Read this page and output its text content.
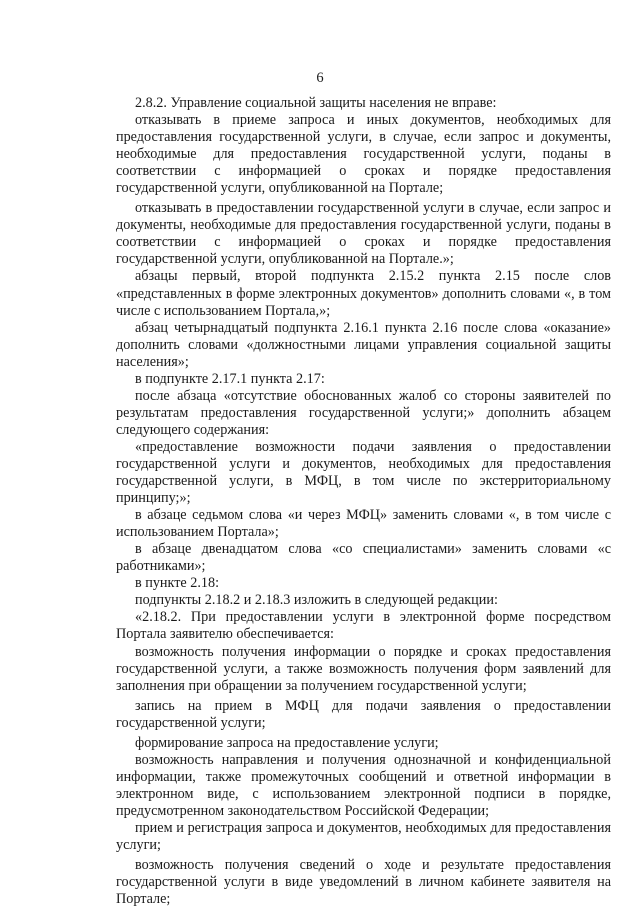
6

2.8.2. Управление социальной защиты населения не вправе:

отказывать в приеме запроса и иных документов, необходимых для предоставления государственной услуги, в случае, если запрос и документы, необходимые для предоставления государственной услуги, поданы в соответствии с информацией о сроках и порядке предоставления государственной услуги, опубликованной на Портале;

отказывать в предоставлении государственной услуги в случае, если запрос и документы, необходимые для предоставления государственной услуги, поданы в соответствии с информацией о сроках и порядке предоставления государственной услуги, опубликованной на Портале.»;

абзацы первый, второй подпункта 2.15.2 пункта 2.15 после слов «представленных в форме электронных документов» дополнить словами «, в том числе с использованием Портала,»;

абзац четырнадцатый подпункта 2.16.1 пункта 2.16 после слова «оказание» дополнить словами «должностными лицами управления социальной защиты населения»;

в подпункте 2.17.1 пункта 2.17:

после абзаца «отсутствие обоснованных жалоб со стороны заявителей по результатам предоставления государственной услуги;» дополнить абзацем следующего содержания:

«предоставление возможности подачи заявления о предоставлении государственной услуги и документов, необходимых для предоставления государственной услуги, в МФЦ, в том числе по экстерриториальному принципу;»;

в абзаце седьмом слова «и через МФЦ» заменить словами «, в том числе с использованием Портала»;

в абзаце двенадцатом слова «со специалистами» заменить словами «с работниками»;

в пункте 2.18:

подпункты 2.18.2 и 2.18.3 изложить в следующей редакции:

«2.18.2. При предоставлении услуги в электронной форме посредством Портала заявителю обеспечивается:

возможность получения информации о порядке и сроках предоставления государственной услуги, а также возможность получения форм заявлений для заполнения при обращении за получением государственной услуги;

запись на прием в МФЦ для подачи заявления о предоставлении государственной услуги;

формирование запроса на предоставление услуги;

возможность направления и получения однозначной и конфиденциальной информации, также промежуточных сообщений и ответной информации в электронном виде, с использованием электронной подписи в порядке, предусмотренном законодательством Российской Федерации;

прием и регистрация запроса и документов, необходимых для предоставления услуги;

возможность получения сведений о ходе и результате предоставления государственной услуги в виде уведомлений в личном кабинете заявителя на Портале;
